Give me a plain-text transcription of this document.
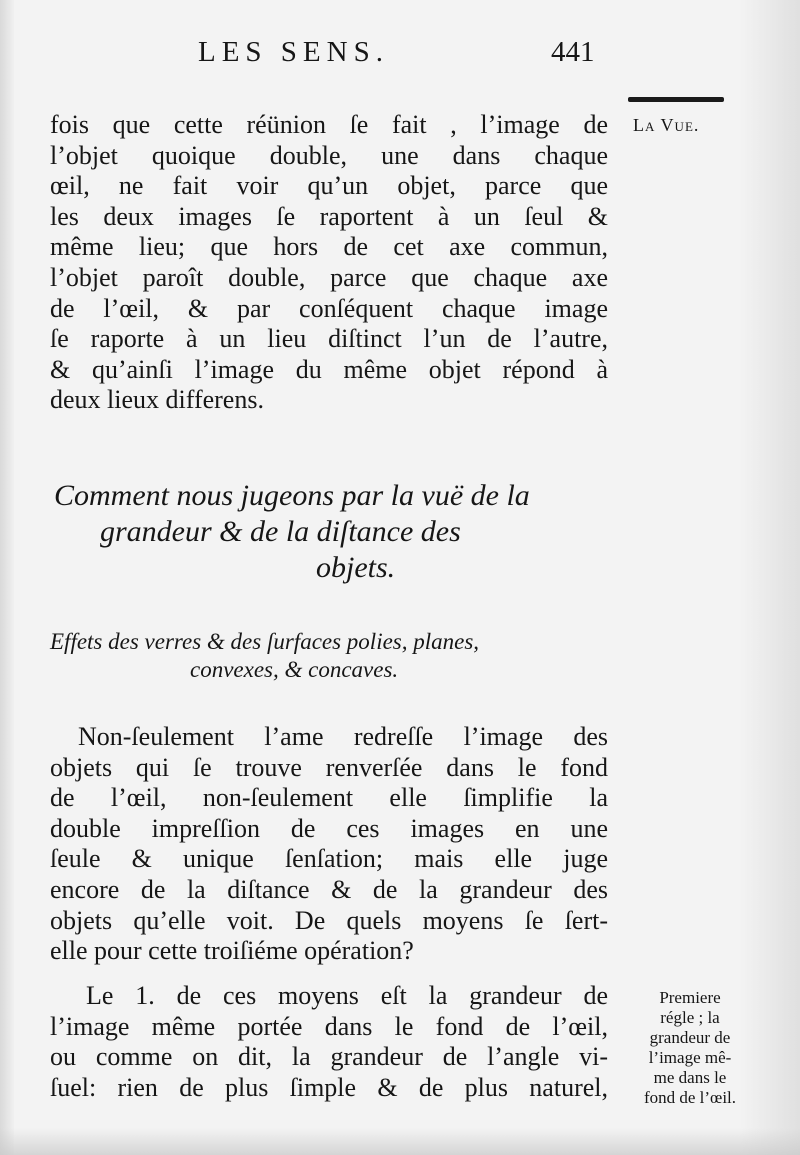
LES SENS.	441
La Vue.
fois que cette réünion ſe fait , l’image de
l’objet quoique double, une dans chaque
œil, ne fait voir qu’un objet, parce que
les deux images ſe raportent à un ſeul &
même lieu; que hors de cet axe commun,
l’objet paroît double, parce que chaque axe
de l’œil, & par conſéquent chaque image
ſe raporte à un lieu diſtinct l’un de l’autre,
& qu’ainſi l’image du même objet répond à
deux lieux differens.
Comment nous jugeons par la vuë de la
grandeur & de la diſtance des
objets.
Effets des verres & des ſurfaces polies, planes,
convexes, & concaves.
Non-ſeulement l’ame redreſſe l’image des
objets qui ſe trouve renverſée dans le fond
de l’œil, non-ſeulement elle ſimplifie la
double impreſſion de ces images en une
ſeule & unique ſenſation; mais elle juge
encore de la diſtance & de la grandeur des
objets qu’elle voit. De quels moyens ſe ſert-
elle pour cette troiſiéme opération?
Le 1. de ces moyens eſt la grandeur de
l’image même portée dans le fond de l’œil,
ou comme on dit, la grandeur de l’angle vi-
ſuel: rien de plus ſimple & de plus naturel,
Premiere
régle ; la
grandeur de
l’image mê-
me dans le
fond de l’œil.
